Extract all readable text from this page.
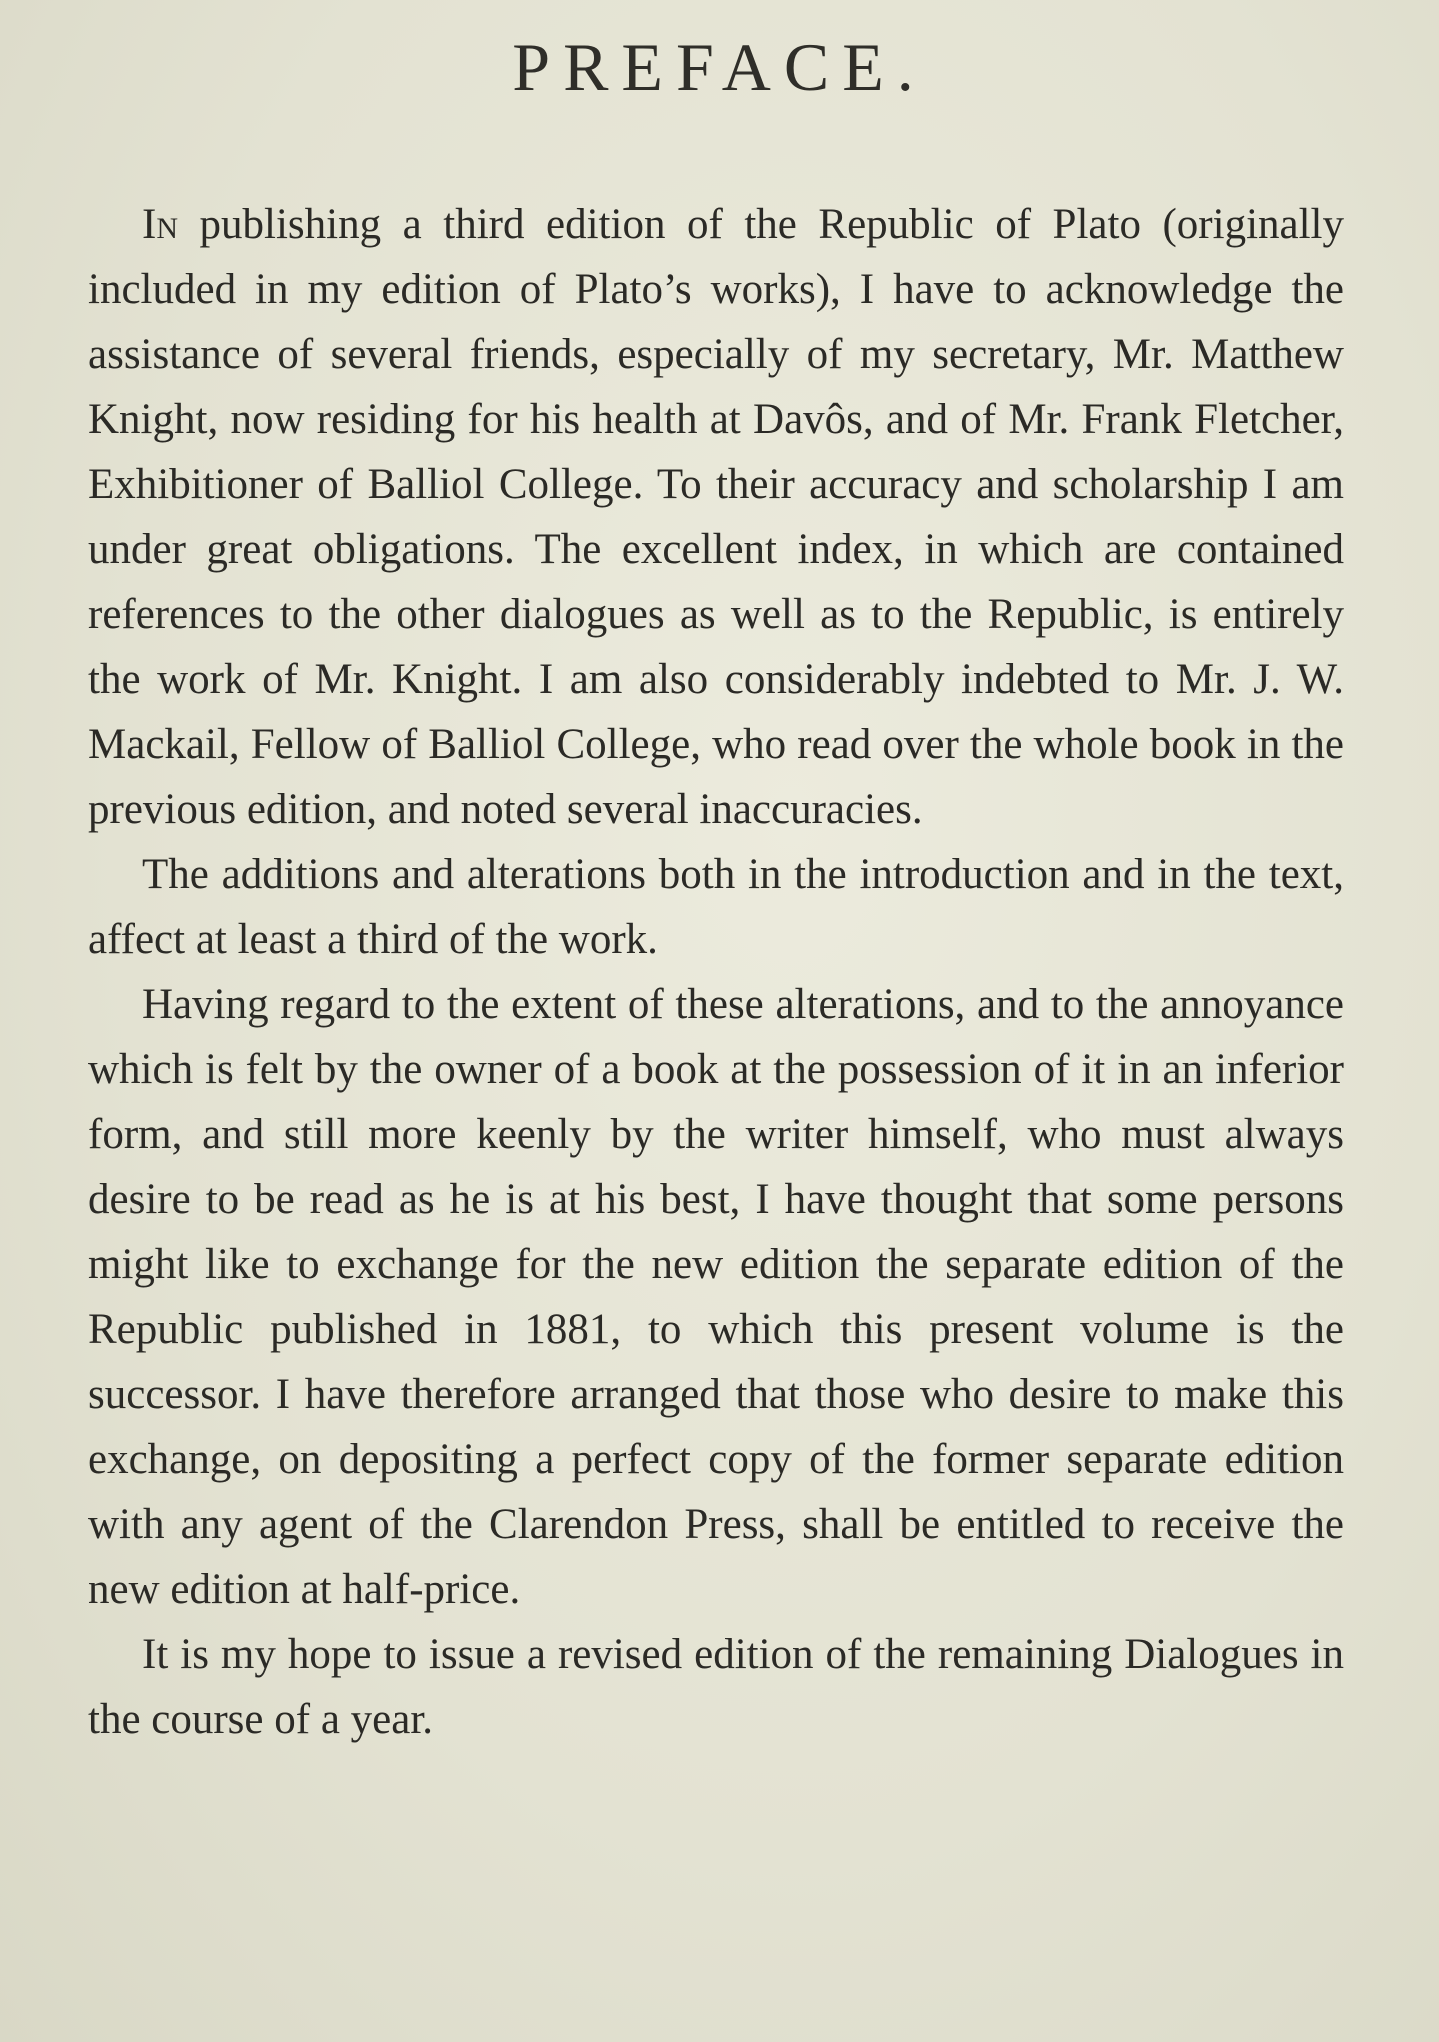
PREFACE.

In publishing a third edition of the Republic of Plato (originally included in my edition of Plato’s works), I have to acknowledge the assistance of several friends, especially of my secretary, Mr. Matthew Knight, now residing for his health at Davôs, and of Mr. Frank Fletcher, Exhibitioner of Balliol College. To their accuracy and scholarship I am under great obligations. The excellent index, in which are contained references to the other dialogues as well as to the Republic, is entirely the work of Mr. Knight. I am also considerably indebted to Mr. J. W. Mackail, Fellow of Balliol College, who read over the whole book in the previous edition, and noted several inaccuracies.

The additions and alterations both in the introduction and in the text, affect at least a third of the work.

Having regard to the extent of these alterations, and to the annoyance which is felt by the owner of a book at the possession of it in an inferior form, and still more keenly by the writer himself, who must always desire to be read as he is at his best, I have thought that some persons might like to exchange for the new edition the separate edition of the Republic published in 1881, to which this present volume is the successor. I have therefore arranged that those who desire to make this exchange, on depositing a perfect copy of the former separate edition with any agent of the Clarendon Press, shall be entitled to receive the new edition at half-price.

It is my hope to issue a revised edition of the remaining Dialogues in the course of a year.
